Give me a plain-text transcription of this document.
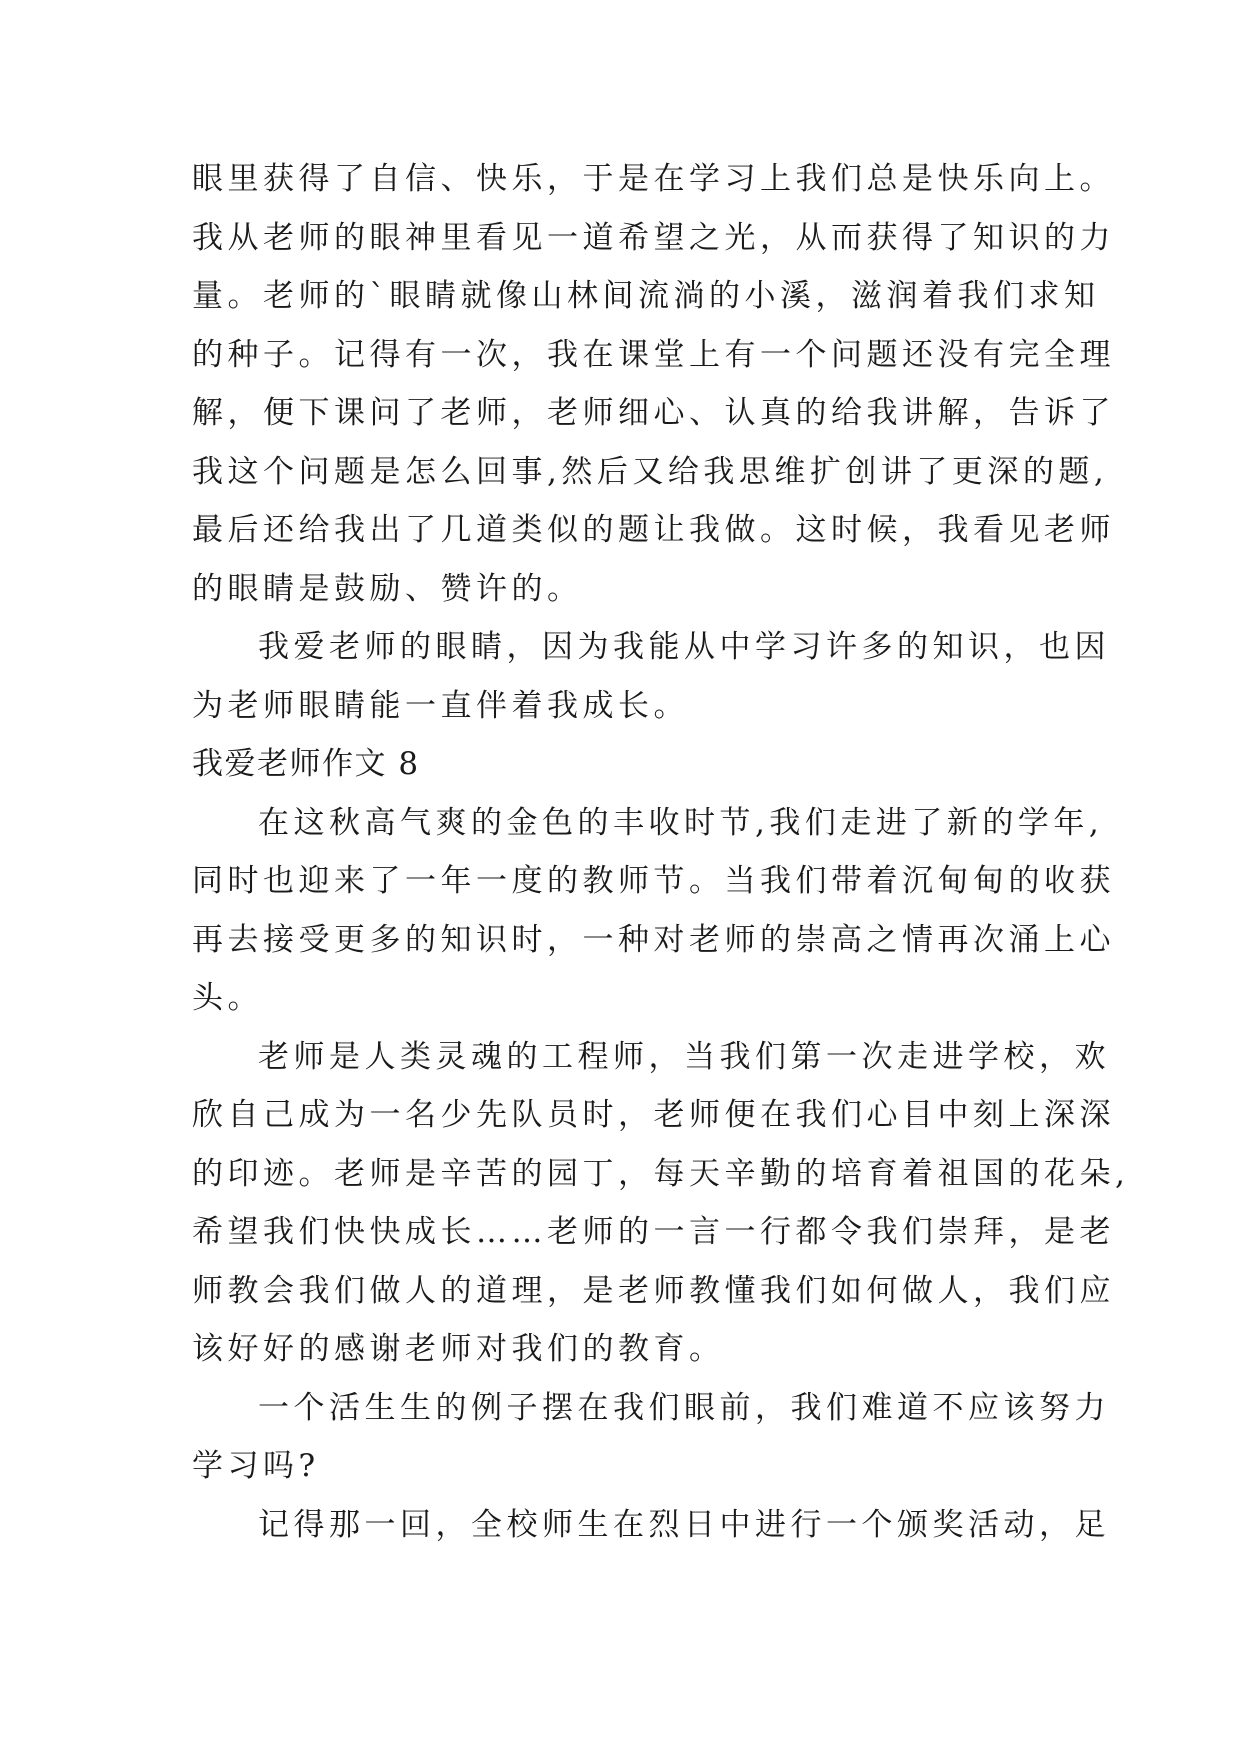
眼里获得了自信、快乐，于是在学习上我们总是快乐向上。
我从老师的眼神里看见一道希望之光，从而获得了知识的力
量。老师的`眼睛就像山林间流淌的小溪，滋润着我们求知
的种子。记得有一次，我在课堂上有一个问题还没有完全理
解，便下课问了老师，老师细心、认真的给我讲解，告诉了
我这个问题是怎么回事,然后又给我思维扩创讲了更深的题,
最后还给我出了几道类似的题让我做。这时候，我看见老师
的眼睛是鼓励、赞许的。
我爱老师的眼睛，因为我能从中学习许多的知识，也因
为老师眼睛能一直伴着我成长。
我爱老师作文 8
在这秋高气爽的金色的丰收时节,我们走进了新的学年,
同时也迎来了一年一度的教师节。当我们带着沉甸甸的收获
再去接受更多的知识时，一种对老师的崇高之情再次涌上心
头。
老师是人类灵魂的工程师，当我们第一次走进学校，欢
欣自己成为一名少先队员时，老师便在我们心目中刻上深深
的印迹。老师是辛苦的园丁，每天辛勤的培育着祖国的花朵,
希望我们快快成长……老师的一言一行都令我们崇拜，是老
师教会我们做人的道理，是老师教懂我们如何做人，我们应
该好好的感谢老师对我们的教育。
一个活生生的例子摆在我们眼前，我们难道不应该努力
学习吗?
记得那一回，全校师生在烈日中进行一个颁奖活动，足
